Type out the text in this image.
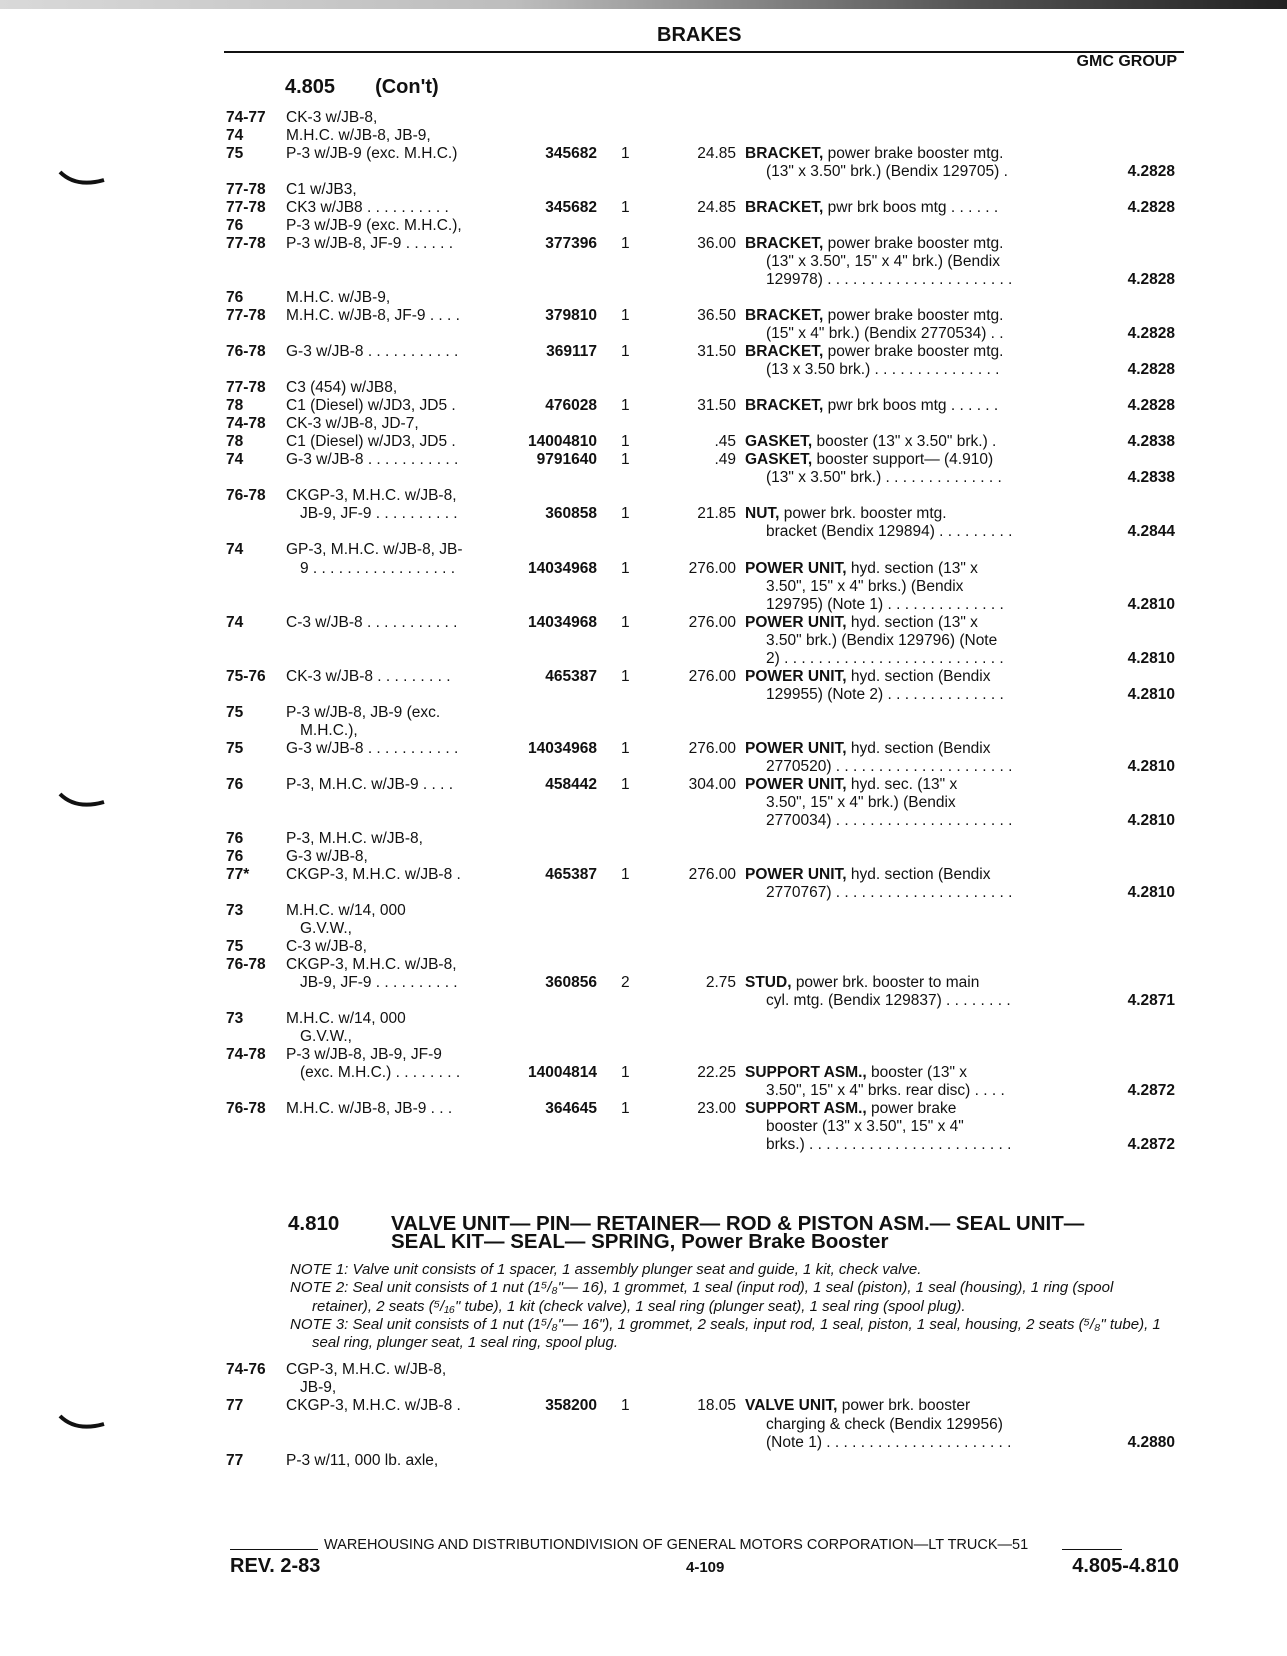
BRAKES
GMC GROUP
4.805 (Con't)
74-77 CK-3 w/JB-8,
74	M.H.C. w/JB-8, JB-9,
75	P-3 w/JB-9 (exc. M.H.C.)	345682 1	24.85 BRACKET, power brake booster mtg.
(13" x 3.50" brk.) (Bendix 129705) .	4.2828
77-78 C1 w/JB3,
77-78 CK3 w/JB8 . . . . . . . . . .	345682 1	24.85 BRACKET, pwr brk boos mtg . . . . . .	4.2828
76	P-3 w/JB-9 (exc. M.H.C.),
77-78 P-3 w/JB-8, JF-9 . . . . . .	377396 1	36.00 BRACKET, power brake booster mtg.
(13" x 3.50", 15" x 4" brk.) (Bendix
129978) . . . . . . . . . . . . . . . . . . . . . .	4.2828
76	M.H.C. w/JB-9,
77-78 M.H.C. w/JB-8, JF-9 . . . .	379810 1	36.50 BRACKET, power brake booster mtg.
(15" x 4" brk.) (Bendix 2770534) . .	4.2828
76-78 G-3 w/JB-8 . . . . . . . . . . .	369117 1	31.50 BRACKET, power brake booster mtg.
(13 x 3.50 brk.) . . . . . . . . . . . . . . .	4.2828
77-78 C3 (454) w/JB8,
78	C1 (Diesel) w/JD3, JD5 .	476028 1	31.50 BRACKET, pwr brk boos mtg . . . . . .	4.2828
74-78 CK-3 w/JB-8, JD-7,
78	C1 (Diesel) w/JD3, JD5 .	14004810 1	.45 GASKET, booster (13" x 3.50" brk.) .	4.2838
74	G-3 w/JB-8 . . . . . . . . . . .	9791640 1	.49 GASKET, booster support— (4.910)
(13" x 3.50" brk.) . . . . . . . . . . . . . .	4.2838
76-78 CKGP-3, M.H.C. w/JB-8,
JB-9, JF-9 . . . . . . . . . .	360858 1	21.85 NUT, power brk. booster mtg.
bracket (Bendix 129894) . . . . . . . . .	4.2844
74	GP-3, M.H.C. w/JB-8, JB-
9 . . . . . . . . . . . . . . . . .	14034968 1	276.00 POWER UNIT, hyd. section (13" x
3.50", 15" x 4" brks.) (Bendix
129795) (Note 1) . . . . . . . . . . . . . .	4.2810
74	C-3 w/JB-8 . . . . . . . . . . .	14034968 1	276.00 POWER UNIT, hyd. section (13" x
3.50" brk.) (Bendix 129796) (Note
2) . . . . . . . . . . . . . . . . . . . . . . . . . .	4.2810
75-76 CK-3 w/JB-8 . . . . . . . . .	465387 1	276.00 POWER UNIT, hyd. section (Bendix
129955) (Note 2) . . . . . . . . . . . . . .	4.2810
75	P-3 w/JB-8, JB-9 (exc.
M.H.C.),
75	G-3 w/JB-8 . . . . . . . . . . .	14034968 1	276.00 POWER UNIT, hyd. section (Bendix
2770520) . . . . . . . . . . . . . . . . . . . . .	4.2810
76	P-3, M.H.C. w/JB-9 . . . .	458442 1	304.00 POWER UNIT, hyd. sec. (13" x
3.50", 15" x 4" brk.) (Bendix
2770034) . . . . . . . . . . . . . . . . . . . . .	4.2810
76	P-3, M.H.C. w/JB-8,
76	G-3 w/JB-8,
77* CKGP-3, M.H.C. w/JB-8 .	465387 1	276.00 POWER UNIT, hyd. section (Bendix
2770767) . . . . . . . . . . . . . . . . . . . . .	4.2810
73	M.H.C. w/14, 000
G.V.W.,
75	C-3 w/JB-8,
76-78 CKGP-3, M.H.C. w/JB-8,
JB-9, JF-9 . . . . . . . . . .	360856 2	2.75 STUD, power brk. booster to main
cyl. mtg. (Bendix 129837) . . . . . . . .	4.2871
73	M.H.C. w/14, 000
G.V.W.,
74-78 P-3 w/JB-8, JB-9, JF-9
(exc. M.H.C.) . . . . . . . .	14004814 1	22.25 SUPPORT ASM., booster (13" x
3.50", 15" x 4" brks. rear disc) . . . .	4.2872
76-78 M.H.C. w/JB-8, JB-9 . . .	364645 1	23.00 SUPPORT ASM., power brake
booster (13" x 3.50", 15" x 4"
brks.) . . . . . . . . . . . . . . . . . . . . . . . .	4.2872
4.810	VALVE UNIT— PIN— RETAINER— ROD & PISTON ASM.— SEAL UNIT—
SEAL KIT— SEAL— SPRING, Power Brake Booster
NOTE 1: Valve unit consists of 1 spacer, 1 assembly plunger seat and guide, 1 kit, check valve.
NOTE 2: Seal unit consists of 1 nut (1⁵/₈"— 16), 1 grommet, 1 seal (input rod), 1 seal (piston), 1 seal (housing), 1 ring (spool retainer), 2 seats (⁵/₁₆" tube), 1 kit (check valve), 1 seal ring (plunger seat), 1 seal ring (spool plug).
NOTE 3: Seal unit consists of 1 nut (1⁵/₈"— 16"), 1 grommet, 2 seals, input rod, 1 seal, piston, 1 seal, housing, 2 seats (⁵/₈" tube), 1 seal ring, plunger seat, 1 seal ring, spool plug.
74-76 CGP-3, M.H.C. w/JB-8,
JB-9,
77	CKGP-3, M.H.C. w/JB-8 .	358200 1	18.05 VALVE UNIT, power brk. booster
charging & check (Bendix 129956)
(Note 1) . . . . . . . . . . . . . . . . . . . . . .	4.2880
77	P-3 w/11, 000 lb. axle,
WAREHOUSING AND DISTRIBUTIONDIVISION OF GENERAL MOTORS CORPORATION—LT TRUCK—51
REV. 2-83	4-109	4.805-4.810
